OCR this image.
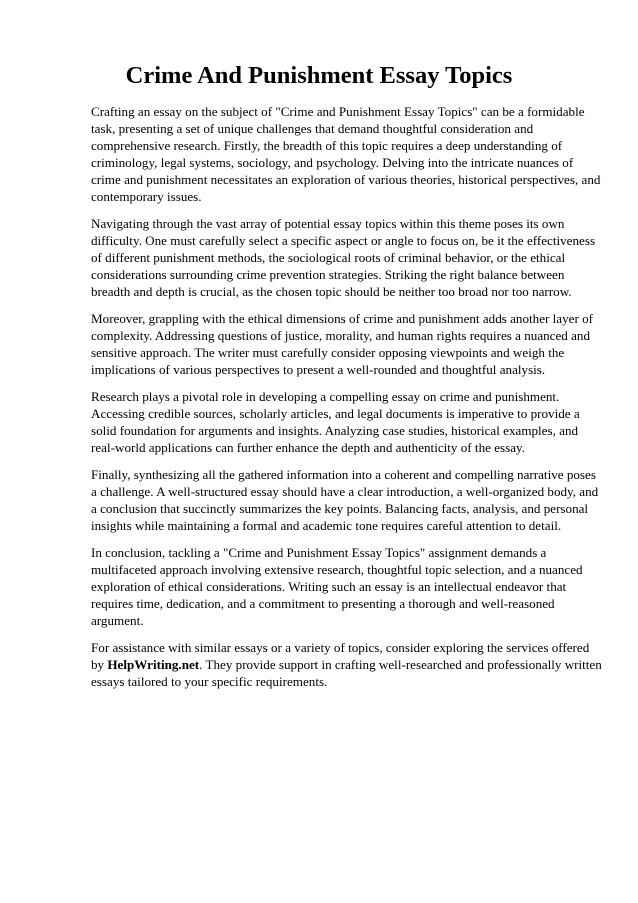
Crime And Punishment Essay Topics

Crafting an essay on the subject of "Crime and Punishment Essay Topics" can be a formidable task, presenting a set of unique challenges that demand thoughtful consideration and comprehensive research. Firstly, the breadth of this topic requires a deep understanding of criminology, legal systems, sociology, and psychology. Delving into the intricate nuances of crime and punishment necessitates an exploration of various theories, historical perspectives, and contemporary issues.

Navigating through the vast array of potential essay topics within this theme poses its own difficulty. One must carefully select a specific aspect or angle to focus on, be it the effectiveness of different punishment methods, the sociological roots of criminal behavior, or the ethical considerations surrounding crime prevention strategies. Striking the right balance between breadth and depth is crucial, as the chosen topic should be neither too broad nor too narrow.

Moreover, grappling with the ethical dimensions of crime and punishment adds another layer of complexity. Addressing questions of justice, morality, and human rights requires a nuanced and sensitive approach. The writer must carefully consider opposing viewpoints and weigh the implications of various perspectives to present a well-rounded and thoughtful analysis.

Research plays a pivotal role in developing a compelling essay on crime and punishment. Accessing credible sources, scholarly articles, and legal documents is imperative to provide a solid foundation for arguments and insights. Analyzing case studies, historical examples, and real-world applications can further enhance the depth and authenticity of the essay.

Finally, synthesizing all the gathered information into a coherent and compelling narrative poses a challenge. A well-structured essay should have a clear introduction, a well-organized body, and a conclusion that succinctly summarizes the key points. Balancing facts, analysis, and personal insights while maintaining a formal and academic tone requires careful attention to detail.

In conclusion, tackling a "Crime and Punishment Essay Topics" assignment demands a multifaceted approach involving extensive research, thoughtful topic selection, and a nuanced exploration of ethical considerations. Writing such an essay is an intellectual endeavor that requires time, dedication, and a commitment to presenting a thorough and well-reasoned argument.

For assistance with similar essays or a variety of topics, consider exploring the services offered by HelpWriting.net. They provide support in crafting well-researched and professionally written essays tailored to your specific requirements.
